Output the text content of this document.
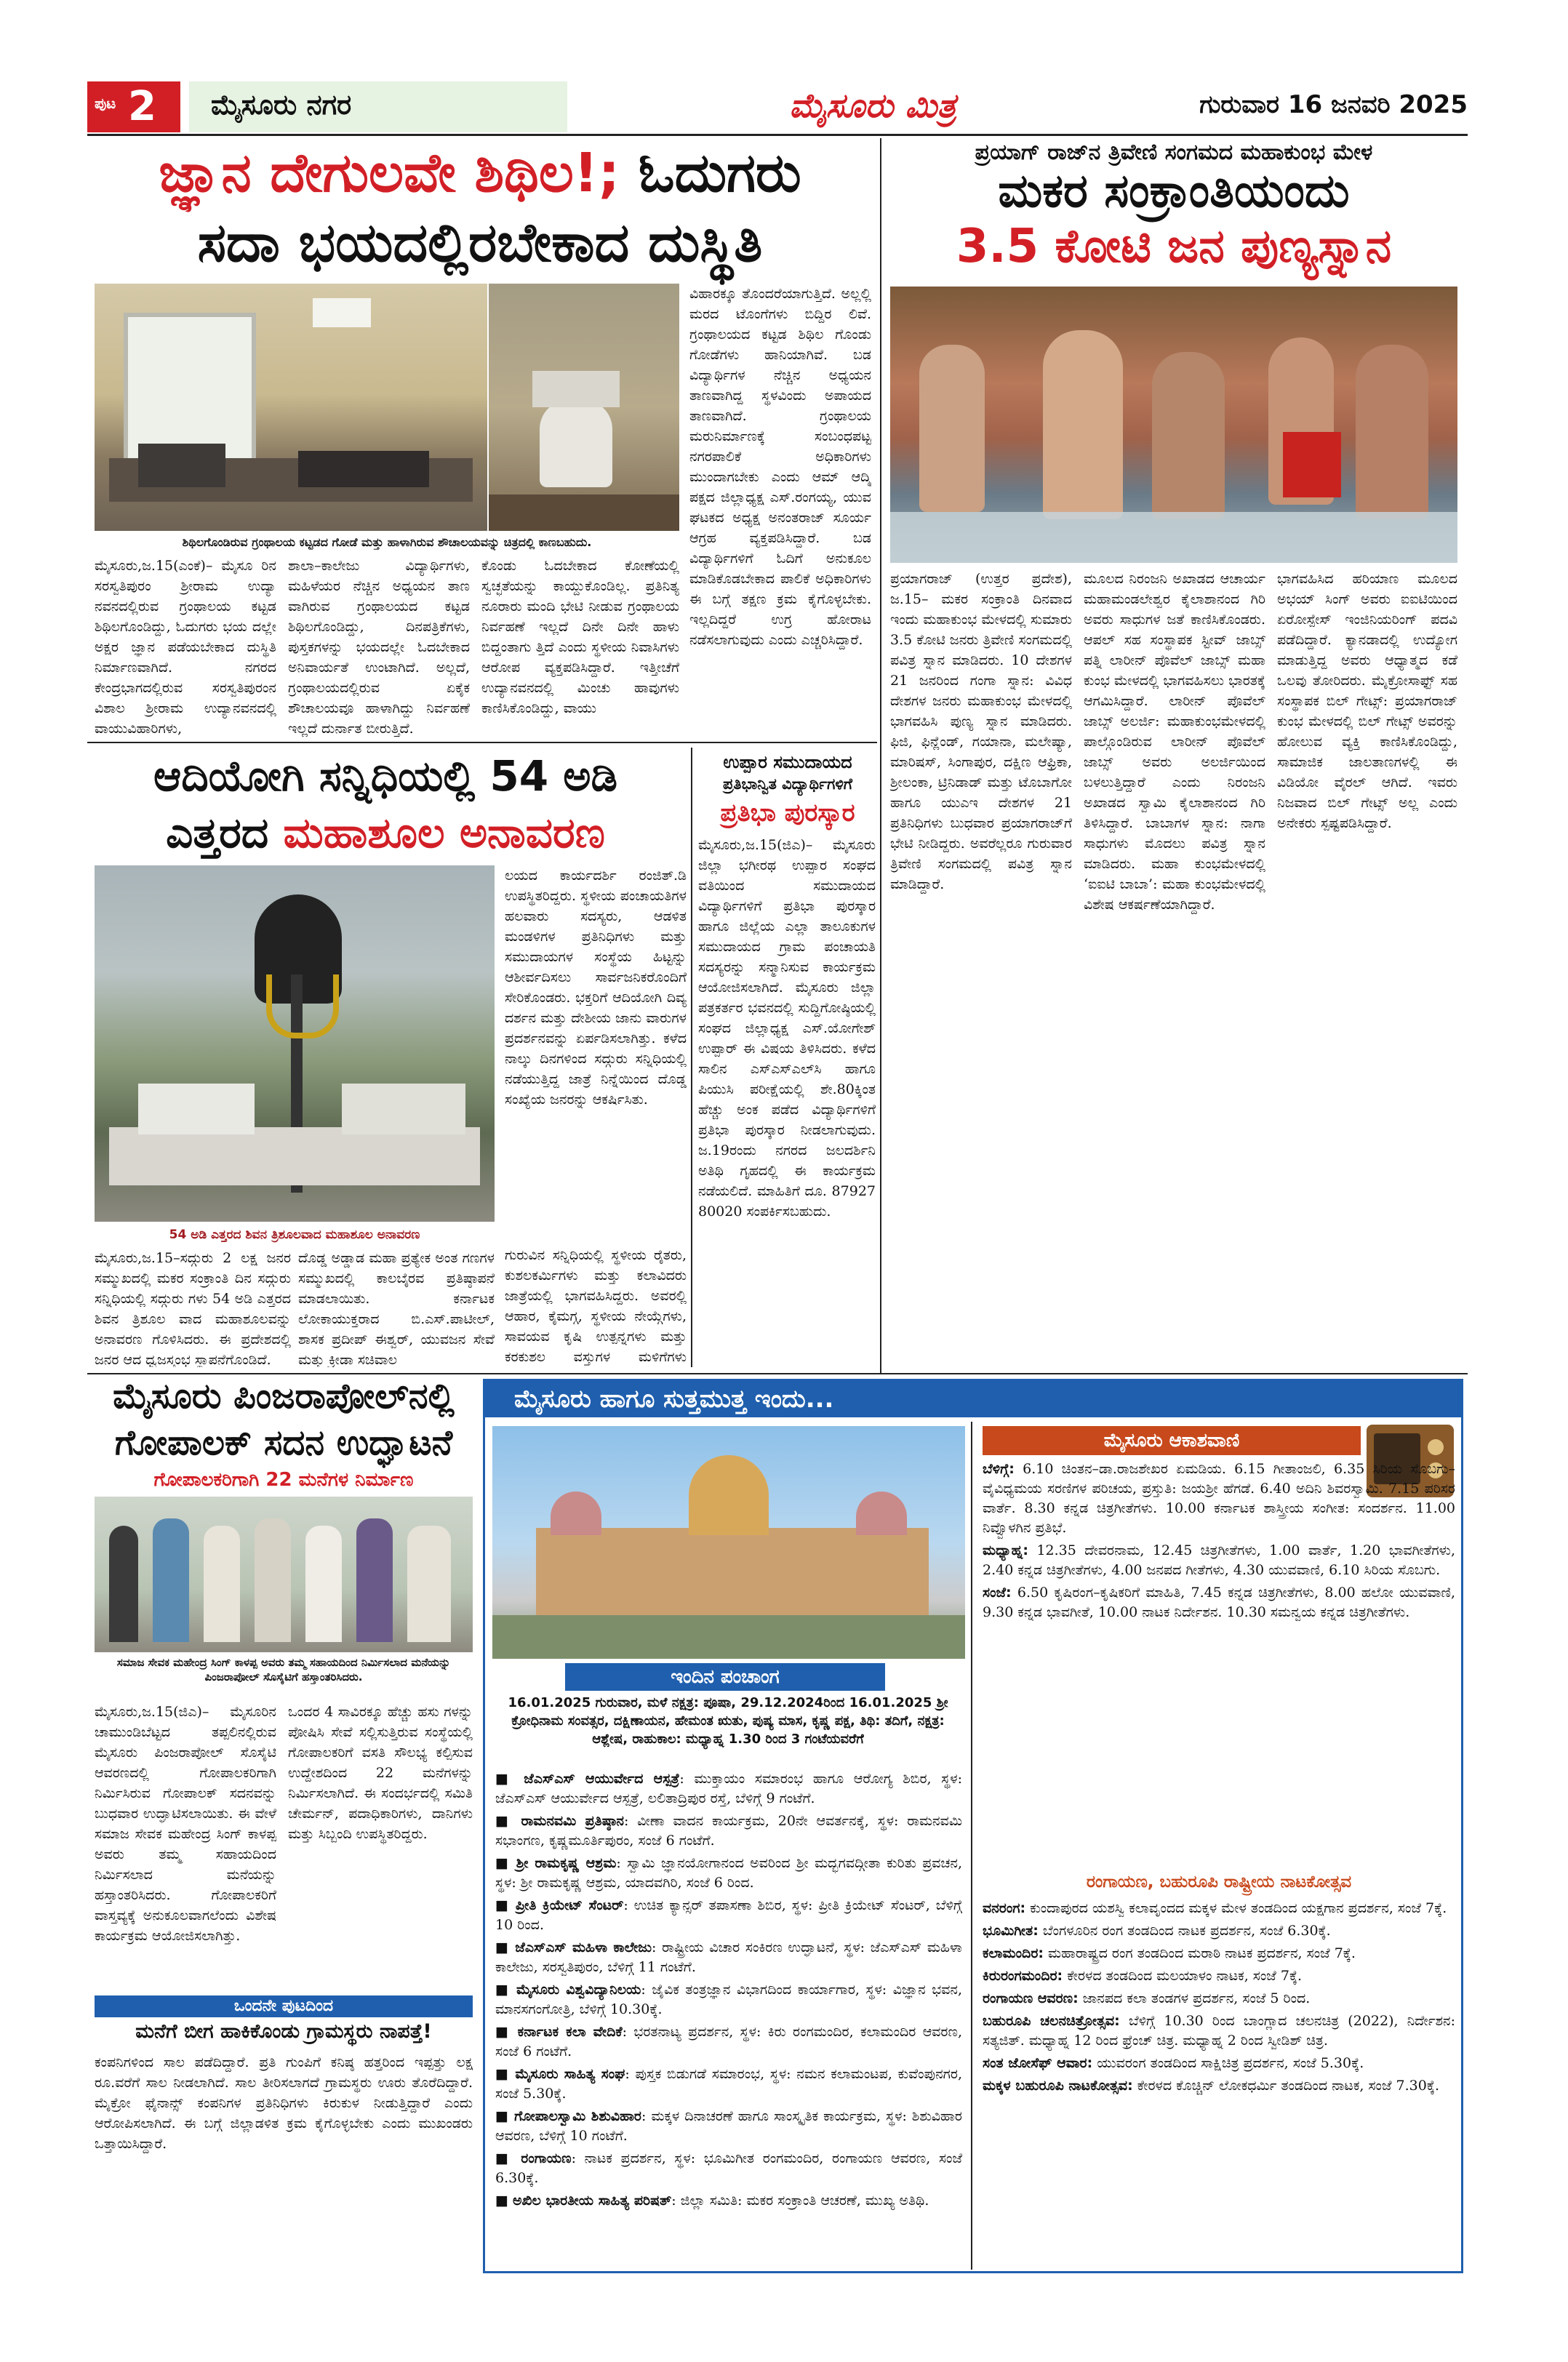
ಪುಟ 2 ಮೈಸೂರು ನಗರ	ಮೈಸೂರು ಮಿತ್ರ	ಗುರುವಾರ 16 ಜನವರಿ 2025
ಜ್ಞಾನ ದೇಗುಲವೇ ಶಿಥಿಲ!; ಓದುಗರು
ಸದಾ ಭಯದಲ್ಲಿರಬೇಕಾದ ದುಸ್ಥಿತಿ
ಶಿಥಿಲಗೊಂಡಿರುವ ಗ್ರಂಥಾಲಯ ಕಟ್ಟಡದ ಗೋಡೆ ಮತ್ತು ಹಾಳಾಗಿರುವ ಶೌಚಾಲಯವನ್ನು ಚಿತ್ರದಲ್ಲಿ ಕಾಣಬಹುದು.
ಮೈಸೂರು,ಜ.15(ಎಂಕೆ)– ಮೈಸೂ ರಿನ ಸರಸ್ವತಿಪುರಂ ಶ್ರೀರಾಮ ಉದ್ಯಾ ನವನದಲ್ಲಿರುವ ಗ್ರಂಥಾಲಯ ಕಟ್ಟಡ ಶಿಥಿಲಗೊಂಡಿದ್ದು, ಓದುಗರು ಭಯ ದಲ್ಲೇ ಅಕ್ಷರ ಜ್ಞಾನ ಪಡೆಯಬೇಕಾದ ದುಸ್ಥಿತಿ ನಿರ್ಮಾಣವಾಗಿದೆ. ನಗರದ ಕೇಂದ್ರಭಾಗದಲ್ಲಿರುವ ಸರಸ್ವತಿಪುರಂನ ವಿಶಾಲ ಶ್ರೀರಾಮ ಉದ್ಯಾನವನದಲ್ಲಿ ವಾಯುವಿಹಾರಿಗಳು,
ಶಾಲಾ–ಕಾಲೇಜು ವಿದ್ಯಾರ್ಥಿಗಳು, ಮಹಿಳೆಯರ ನೆಚ್ಚಿನ ಅಧ್ಯಯನ ತಾಣ ವಾಗಿರುವ ಗ್ರಂಥಾಲಯದ ಕಟ್ಟಡ ಶಿಥಿಲಗೊಂಡಿದ್ದು, ದಿನಪತ್ರಿಕೆಗಳು, ಪುಸ್ತಕಗಳನ್ನು ಭಯದಲ್ಲೇ ಓದಬೇಕಾದ ಅನಿವಾರ್ಯತೆ ಉಂಟಾಗಿದೆ. ಅಲ್ಲದೆ, ಗ್ರಂಥಾಲಯದಲ್ಲಿರುವ ಏಕೈಕ ಶೌಚಾಲಯವೂ ಹಾಳಾಗಿದ್ದು ನಿರ್ವಹಣೆ ಇಲ್ಲದೆ ದುರ್ನಾತ ಬೀರುತ್ತಿದೆ.
ಕೊಂಡು ಓದಬೇಕಾದ ಕೋಣೆಯಲ್ಲಿ ಸ್ವಚ್ಛತೆಯನ್ನು ಕಾಯ್ದುಕೊಂಡಿಲ್ಲ. ಪ್ರತಿನಿತ್ಯ ನೂರಾರು ಮಂದಿ ಭೇಟಿ ನೀಡುವ ಗ್ರಂಥಾಲಯ ನಿರ್ವಹಣೆ ಇಲ್ಲದೆ ದಿನೇ ದಿನೇ ಹಾಳು ಬಿದ್ದಂತಾಗು ತ್ತಿದೆ ಎಂದು ಸ್ಥಳೀಯ ನಿವಾಸಿಗಳು ಆರೋಪ ವ್ಯಕ್ತಪಡಿಸಿದ್ದಾರೆ. ಇತ್ತೀಚೆಗೆ ಉದ್ಯಾನವನದಲ್ಲಿ ಮಿಂಚು ಹಾವುಗಳು ಕಾಣಿಸಿಕೊಂಡಿದ್ದು, ವಾಯು
ವಿಹಾರಕ್ಕೂ ತೊಂದರೆಯಾಗುತ್ತಿದೆ. ಅಲ್ಲಲ್ಲಿ ಮರದ ಟೊಂಗೆಗಳು ಬಿದ್ದಿರ ಲಿವೆ. ಗ್ರಂಥಾಲಯದ ಕಟ್ಟಡ ಶಿಥಿಲ ಗೊಂಡು ಗೋಡೆಗಳು ಹಾನಿಯಾಗಿವೆ. ಬಡ ವಿದ್ಯಾರ್ಥಿಗಳ ನೆಚ್ಚಿನ ಅಧ್ಯಯನ ತಾಣವಾಗಿದ್ದ ಸ್ಥಳವಿಂದು ಅಪಾಯದ ತಾಣವಾಗಿದೆ. ಗ್ರಂಥಾಲಯ ಮರುನಿರ್ಮಾಣಕ್ಕೆ ಸಂಬಂಧಪಟ್ಟ ನಗರಪಾಲಿಕೆ ಅಧಿಕಾರಿಗಳು ಮುಂದಾಗಬೇಕು ಎಂದು ಆಮ್ ಆದ್ಮಿ ಪಕ್ಷದ ಜಿಲ್ಲಾಧ್ಯಕ್ಷ ಎಸ್.ರಂಗಯ್ಯ, ಯುವ ಘಟಕದ ಅಧ್ಯಕ್ಷ ಅನಂತರಾಜ್ ಸೂರ್ಯ ಆಗ್ರಹ ವ್ಯಕ್ತಪಡಿಸಿದ್ದಾರೆ. ಬಡ ವಿದ್ಯಾರ್ಥಿಗಳಿಗೆ ಓದಿಗೆ ಅನುಕೂಲ ಮಾಡಿಕೊಡಬೇಕಾದ ಪಾಲಿಕೆ ಅಧಿಕಾರಿಗಳು ಈ ಬಗ್ಗೆ ತಕ್ಷಣ ಕ್ರಮ ಕೈಗೊಳ್ಳಬೇಕು. ಇಲ್ಲದಿದ್ದರೆ ಉಗ್ರ ಹೋರಾಟ ನಡೆಸಲಾಗುವುದು ಎಂದು ಎಚ್ಚರಿಸಿದ್ದಾರೆ.
ಪ್ರಯಾಗ್ ರಾಜ್‌ನ ತ್ರಿವೇಣಿ ಸಂಗಮದ ಮಹಾಕುಂಭ ಮೇಳ
ಮಕರ ಸಂಕ್ರಾಂತಿಯಂದು
3.5 ಕೋಟಿ ಜನ ಪುಣ್ಯಸ್ನಾನ
ಪ್ರಯಾಗರಾಜ್ (ಉತ್ತರ ಪ್ರದೇಶ), ಜ.15– ಮಕರ ಸಂಕ್ರಾಂತಿ ದಿನವಾದ ಇಂದು ಮಹಾಕುಂಭ ಮೇಳದಲ್ಲಿ ಸುಮಾರು 3.5 ಕೋಟಿ ಜನರು ತ್ರಿವೇಣಿ ಸಂಗಮದಲ್ಲಿ ಪವಿತ್ರ ಸ್ನಾನ ಮಾಡಿದರು. 10 ದೇಶಗಳ 21 ಜನರಿಂದ ಗಂಗಾ ಸ್ನಾನ: ವಿವಿಧ ದೇಶಗಳ ಜನರು ಮಹಾಕುಂಭ ಮೇಳದಲ್ಲಿ ಭಾಗವಹಿಸಿ ಪುಣ್ಯ ಸ್ನಾನ ಮಾಡಿದರು. ಫಿಜಿ, ಫಿನ್ಲೆಂಡ್, ಗಯಾನಾ, ಮಲೇಷ್ಯಾ, ಮಾರಿಷಸ್, ಸಿಂಗಾಪುರ, ದಕ್ಷಿಣ ಆಫ್ರಿಕಾ, ಶ್ರೀಲಂಕಾ, ಟ್ರಿನಿಡಾಡ್ ಮತ್ತು ಟೊಬಾಗೋ ಹಾಗೂ ಯುಎಇ ದೇಶಗಳ 21 ಪ್ರತಿನಿಧಿಗಳು ಬುಧವಾರ ಪ್ರಯಾಗರಾಜ್‌ಗೆ ಭೇಟಿ ನೀಡಿದ್ದರು. ಅವರೆಲ್ಲರೂ ಗುರುವಾರ ತ್ರಿವೇಣಿ ಸಂಗಮದಲ್ಲಿ ಪವಿತ್ರ ಸ್ನಾನ ಮಾಡಿದ್ದಾರೆ.
ಮೂಲದ ನಿರಂಜನಿ ಅಖಾಡದ ಆಚಾರ್ಯ ಮಹಾಮಂಡಲೇಶ್ವರ ಕೈಲಾಶಾನಂದ ಗಿರಿ ಅವರು ಸಾಧುಗಳ ಜತೆ ಕಾಣಿಸಿಕೊಂಡರು. ಆಪಲ್ ಸಹ ಸಂಸ್ಥಾಪಕ ಸ್ಟೀವ್ ಜಾಬ್ಸ್ ಪತ್ನಿ ಲಾರೀನ್ ಪೊವೆಲ್ ಜಾಬ್ಸ್ ಮಹಾ ಕುಂಭ ಮೇಳದಲ್ಲಿ ಭಾಗವಹಿಸಲು ಭಾರತಕ್ಕೆ ಆಗಮಿಸಿದ್ದಾರೆ. ಲಾರೀನ್ ಪೊವೆಲ್ ಜಾಬ್ಸ್ ಅಲರ್ಜಿ: ಮಹಾಕುಂಭಮೇಳದಲ್ಲಿ ಪಾಲ್ಗೊಂಡಿರುವ ಲಾರೀನ್ ಪೊವೆಲ್ ಜಾಬ್ಸ್ ಅವರು ಅಲರ್ಜಿಯಿಂದ ಬಳಲುತ್ತಿದ್ದಾರೆ ಎಂದು ನಿರಂಜನಿ ಅಖಾಡದ ಸ್ವಾಮಿ ಕೈಲಾಶಾನಂದ ಗಿರಿ ತಿಳಿಸಿದ್ದಾರೆ. ಬಾಬಾಗಳ ಸ್ನಾನ: ನಾಗಾ ಸಾಧುಗಳು ಮೊದಲು ಪವಿತ್ರ ಸ್ನಾನ ಮಾಡಿದರು. ಮಹಾ ಕುಂಭಮೇಳದಲ್ಲಿ ‘ಐಐಟಿ ಬಾಬಾ’: ಮಹಾ ಕುಂಭಮೇಳದಲ್ಲಿ ವಿಶೇಷ ಆಕರ್ಷಣೆಯಾಗಿದ್ದಾರೆ.
ಭಾಗವಹಿಸಿದ ಹರಿಯಾಣ ಮೂಲದ ಅಭಯ್ ಸಿಂಗ್ ಅವರು ಐಐಟಿಯಿಂದ ಏರೋಸ್ಪೇಸ್ ಇಂಜಿನಿಯರಿಂಗ್ ಪದವಿ ಪಡೆದಿದ್ದಾರೆ. ಕ್ಯಾನಡಾದಲ್ಲಿ ಉದ್ಯೋಗ ಮಾಡುತ್ತಿದ್ದ ಅವರು ಆಧ್ಯಾತ್ಮದ ಕಡೆ ಒಲವು ತೋರಿದರು. ಮೈಕ್ರೋಸಾಫ್ಟ್ ಸಹ ಸಂಸ್ಥಾಪಕ ಬಿಲ್ ಗೇಟ್ಸ್: ಪ್ರಯಾಗರಾಜ್ ಕುಂಭ ಮೇಳದಲ್ಲಿ ಬಿಲ್ ಗೇಟ್ಸ್ ಅವರನ್ನು ಹೋಲುವ ವ್ಯಕ್ತಿ ಕಾಣಿಸಿಕೊಂಡಿದ್ದು, ಸಾಮಾಜಿಕ ಜಾಲತಾಣಗಳಲ್ಲಿ ಈ ವಿಡಿಯೋ ವೈರಲ್ ಆಗಿದೆ. ಇವರು ನಿಜವಾದ ಬಿಲ್ ಗೇಟ್ಸ್ ಅಲ್ಲ ಎಂದು ಅನೇಕರು ಸ್ಪಷ್ಟಪಡಿಸಿದ್ದಾರೆ.
ಆದಿಯೋಗಿ ಸನ್ನಿಧಿಯಲ್ಲಿ 54 ಅಡಿ
ಎತ್ತರದ ಮಹಾಶೂಲ ಅನಾವರಣ
54 ಅಡಿ ಎತ್ತರದ ಶಿವನ ತ್ರಿಶೂಲವಾದ ಮಹಾಶೂಲ ಅನಾವರಣ
ಲಯದ ಕಾರ್ಯದರ್ಶಿ ರಂಜಿತ್.ಡಿ ಉಪಸ್ಥಿತರಿದ್ದರು. ಸ್ಥಳೀಯ ಪಂಚಾಯತಿಗಳ ಹಲವಾರು ಸದಸ್ಯರು, ಆಡಳಿತ ಮಂಡಳಿಗಳ ಪ್ರತಿನಿಧಿಗಳು ಮತ್ತು ಸಮುದಾಯಗಳ ಸಂಸ್ಥೆಯ ಹಿಟ್ಟನ್ನು ಆಶೀರ್ವದಿಸಲು ಸಾರ್ವಜನಿಕರೊಂದಿಗೆ ಸೇರಿಕೊಂಡರು. ಭಕ್ತರಿಗೆ ಆದಿಯೋಗಿ ದಿವ್ಯ ದರ್ಶನ ಮತ್ತು ದೇಶೀಯ ಜಾನು ವಾರುಗಳ ಪ್ರದರ್ಶನವನ್ನು ಏರ್ಪಡಿಸಲಾಗಿತ್ತು. ಕಳೆದ ನಾಲ್ಕು ದಿನಗಳಿಂದ ಸದ್ಗುರು ಸನ್ನಿಧಿಯಲ್ಲಿ ನಡೆಯುತ್ತಿದ್ದ ಜಾತ್ರೆ ನಿನ್ನೆಯಿಂದ ದೊಡ್ಡ ಸಂಖ್ಯೆಯ ಜನರನ್ನು ಆಕರ್ಷಿಸಿತು.
ಗುರುವಿನ ಸನ್ನಿಧಿಯಲ್ಲಿ ಸ್ಥಳೀಯ ರೈತರು, ಕುಶಲಕರ್ಮಿಗಳು ಮತ್ತು ಕಲಾವಿದರು ಜಾತ್ರೆಯಲ್ಲಿ ಭಾಗವಹಿಸಿದ್ದರು. ಅವರಲ್ಲಿ ಆಹಾರ, ಕೈಮಗ್ಗ, ಸ್ಥಳೀಯ ನೇಯ್ಗೆಗಳು, ಸಾವಯವ ಕೃಷಿ ಉತ್ಪನ್ನಗಳು ಮತ್ತು ಕರಕುಶಲ ವಸ್ತುಗಳ ಮಳಿಗೆಗಳು
ಮೈಸೂರು,ಜ.15–ಸದ್ಗುರು 2 ಲಕ್ಷ ಜನರ ಸಮ್ಮುಖದಲ್ಲಿ ಮಕರ ಸಂಕ್ರಾಂತಿ ದಿನ ಸದ್ಗುರು ಸನ್ನಿಧಿಯಲ್ಲಿ ಸದ್ಗುರು ಗಳು 54 ಅಡಿ ಎತ್ತರದ ಶಿವನ ತ್ರಿಶೂಲ ವಾದ ಮಹಾಶೂಲವನ್ನು ಅನಾವರಣ ಗೊಳಿಸಿದರು. ಈ ಪ್ರದೇಶದಲ್ಲಿ ಜನರ ಆದ ಧ್ವಜಸ್ತಂಭ ಸ್ಥಾಪನೆಗೊಂಡಿದೆ.
ದೊಡ್ಡ ಅಡ್ಡಾಡ ಮಹಾ ಪ್ರತ್ಯೇಕ ಅಂತ ಗಣಗಳ ಸಮ್ಮುಖದಲ್ಲಿ ಕಾಲಬೈರವ ಪ್ರತಿಷ್ಠಾಪನೆ ಮಾಡಲಾಯಿತು. ಕರ್ನಾಟಕ ಲೋಕಾಯುಕ್ತರಾದ ಬಿ.ಎಸ್.ಪಾಟೀಲ್, ಶಾಸಕ ಪ್ರದೀಪ್ ಈಶ್ವರ್, ಯುವಜನ ಸೇವೆ ಮತ್ತು ಕ್ರೀಡಾ ಸಚಿವಾಲ
ಉಪ್ಪಾರ ಸಮುದಾಯದ
ಪ್ರತಿಭಾನ್ವಿತ ವಿದ್ಯಾರ್ಥಿಗಳಿಗೆ
ಪ್ರತಿಭಾ ಪುರಸ್ಕಾರ
ಮೈಸೂರು,ಜ.15(ಜಿಎ)– ಮೈಸೂರು ಜಿಲ್ಲಾ ಭಗೀರಥ ಉಪ್ಪಾರ ಸಂಘದ ವತಿಯಿಂದ ಸಮುದಾಯದ ವಿದ್ಯಾರ್ಥಿಗಳಿಗೆ ಪ್ರತಿಭಾ ಪುರಸ್ಕಾರ ಹಾಗೂ ಜಿಲ್ಲೆಯ ಎಲ್ಲಾ ತಾಲೂಕುಗಳ ಸಮುದಾಯದ ಗ್ರಾಮ ಪಂಚಾಯತಿ ಸದಸ್ಯರನ್ನು ಸನ್ಮಾನಿಸುವ ಕಾರ್ಯಕ್ರಮ ಆಯೋಜಿಸಲಾಗಿದೆ. ಮೈಸೂರು ಜಿಲ್ಲಾ ಪತ್ರಕರ್ತರ ಭವನದಲ್ಲಿ ಸುದ್ದಿಗೋಷ್ಠಿಯಲ್ಲಿ ಸಂಘದ ಜಿಲ್ಲಾಧ್ಯಕ್ಷ ಎಸ್.ಯೋಗೇಶ್ ಉಪ್ಪಾರ್ ಈ ವಿಷಯ ತಿಳಿಸಿದರು. ಕಳೆದ ಸಾಲಿನ ಎಸ್ಎಸ್ಎಲ್‌ಸಿ ಹಾಗೂ ಪಿಯುಸಿ ಪರೀಕ್ಷೆಯಲ್ಲಿ ಶೇ.80ಕ್ಕಿಂತ ಹೆಚ್ಚು ಅಂಕ ಪಡೆದ ವಿದ್ಯಾರ್ಥಿಗಳಿಗೆ ಪ್ರತಿಭಾ ಪುರಸ್ಕಾರ ನೀಡಲಾಗುವುದು. ಜ.19ರಂದು ನಗರದ ಜಲದರ್ಶಿನಿ ಅತಿಥಿ ಗೃಹದಲ್ಲಿ ಈ ಕಾರ್ಯಕ್ರಮ ನಡೆಯಲಿದೆ. ಮಾಹಿತಿಗೆ ದೂ. 87927 80020 ಸಂಪರ್ಕಿಸಬಹುದು.
ಮೈಸೂರು ಪಿಂಜರಾಪೋಲ್‌ನಲ್ಲಿ
ಗೋಪಾಲಕ್ ಸದನ ಉದ್ಘಾಟನೆ
ಗೋಪಾಲಕರಿಗಾಗಿ 22 ಮನೆಗಳ ನಿರ್ಮಾಣ
ಸಮಾಜ ಸೇವಕ ಮಹೇಂದ್ರ ಸಿಂಗ್ ಕಾಳಪ್ಪ ಅವರು ತಮ್ಮ ಸಹಾಯದಿಂದ ನಿರ್ಮಿಸಲಾದ ಮನೆಯನ್ನು ಪಿಂಜರಾಪೋಲ್ ಸೊಸೈಟಿಗೆ ಹಸ್ತಾಂತರಿಸಿದರು.
ಮೈಸೂರು,ಜ.15(ಜಿಎ)– ಮೈಸೂರಿನ ಚಾಮುಂಡಿಬೆಟ್ಟದ ತಪ್ಪಲಿನಲ್ಲಿರುವ ಮೈಸೂರು ಪಿಂಜರಾಪೋಲ್ ಸೊಸೈಟಿ ಆವರಣದಲ್ಲಿ ಗೋಪಾಲಕರಿಗಾಗಿ ನಿರ್ಮಿಸಿರುವ ಗೋಪಾಲಕ್ ಸದನವನ್ನು ಬುಧವಾರ ಉದ್ಘಾಟಿಸಲಾಯಿತು. ಈ ವೇಳೆ ಸಮಾಜ ಸೇವಕ ಮಹೇಂದ್ರ ಸಿಂಗ್ ಕಾಳಪ್ಪ ಅವರು ತಮ್ಮ ಸಹಾಯದಿಂದ ನಿರ್ಮಿಸಲಾದ ಮನೆಯನ್ನು ಹಸ್ತಾಂತರಿಸಿದರು. ಗೋಪಾಲಕರಿಗೆ ವಾಸ್ತವ್ಯಕ್ಕೆ ಅನುಕೂಲವಾಗಲೆಂದು ವಿಶೇಷ ಕಾರ್ಯಕ್ರಮ ಆಯೋಜಿಸಲಾಗಿತ್ತು.
ಒಂದರ 4 ಸಾವಿರಕ್ಕೂ ಹೆಚ್ಚು ಹಸು ಗಳನ್ನು ಪೋಷಿಸಿ ಸೇವೆ ಸಲ್ಲಿಸುತ್ತಿರುವ ಸಂಸ್ಥೆಯಲ್ಲಿ ಗೋಪಾಲಕರಿಗೆ ವಸತಿ ಸೌಲಭ್ಯ ಕಲ್ಪಿಸುವ ಉದ್ದೇಶದಿಂದ 22 ಮನೆಗಳನ್ನು ನಿರ್ಮಿಸಲಾಗಿದೆ. ಈ ಸಂದರ್ಭದಲ್ಲಿ ಸಮಿತಿ ಚೇರ್ಮನ್, ಪದಾಧಿಕಾರಿಗಳು, ದಾನಿಗಳು ಮತ್ತು ಸಿಬ್ಬಂದಿ ಉಪಸ್ಥಿತರಿದ್ದರು.
ಒಂದನೇ ಪುಟದಿಂದ
ಮನೆಗೆ ಬೀಗ ಹಾಕಿಕೊಂಡು ಗ್ರಾಮಸ್ಥರು ನಾಪತ್ತೆ!
ಕಂಪನಿಗಳಿಂದ ಸಾಲ ಪಡೆದಿದ್ದಾರೆ. ಪ್ರತಿ ಗುಂಪಿಗೆ ಕನಿಷ್ಠ ಹತ್ತರಿಂದ ಇಪ್ಪತ್ತು ಲಕ್ಷ ರೂ.ವರೆಗೆ ಸಾಲ ನೀಡಲಾಗಿದೆ. ಸಾಲ ತೀರಿಸಲಾಗದೆ ಗ್ರಾಮಸ್ಥರು ಊರು ತೊರೆದಿದ್ದಾರೆ. ಮೈಕ್ರೋ ಫೈನಾನ್ಸ್ ಕಂಪನಿಗಳ ಪ್ರತಿನಿಧಿಗಳು ಕಿರುಕುಳ ನೀಡುತ್ತಿದ್ದಾರೆ ಎಂದು ಆರೋಪಿಸಲಾಗಿದೆ. ಈ ಬಗ್ಗೆ ಜಿಲ್ಲಾಡಳಿತ ಕ್ರಮ ಕೈಗೊಳ್ಳಬೇಕು ಎಂದು ಮುಖಂಡರು ಒತ್ತಾಯಿಸಿದ್ದಾರೆ.
ಮೈಸೂರು ಹಾಗೂ ಸುತ್ತಮುತ್ತ ಇಂದು...
ಇಂದಿನ ಪಂಚಾಂಗ
16.01.2025 ಗುರುವಾರ, ಮಳೆ ನಕ್ಷತ್ರ: ಪೂಷಾ, 29.12.2024ರಿಂದ 16.01.2025 ಶ್ರೀ ಕ್ರೋಧಿನಾಮ ಸಂವತ್ಸರ, ದಕ್ಷಿಣಾಯನ, ಹೇಮಂತ ಋತು, ಪುಷ್ಯ ಮಾಸ, ಕೃಷ್ಣ ಪಕ್ಷ, ತಿಥಿ: ತದಿಗೆ, ನಕ್ಷತ್ರ: ಆಶ್ಲೇಷ, ರಾಹುಕಾಲ: ಮಧ್ಯಾಹ್ನ 1.30 ರಿಂದ 3 ಗಂಟೆಯವರೆಗೆ
■ ಜೆಎಸ್ಎಸ್ ಆಯುರ್ವೇದ ಆಸ್ಪತ್ರೆ: ಮುಕ್ತಾಯಂ ಸಮಾರಂಭ ಹಾಗೂ ಆರೋಗ್ಯ ಶಿಬಿರ, ಸ್ಥಳ: ಜೆಎಸ್ಎಸ್ ಆಯುರ್ವೇದ ಆಸ್ಪತ್ರೆ, ಲಲಿತಾದ್ರಿಪುರ ರಸ್ತೆ, ಬೆಳಿಗ್ಗೆ 9 ಗಂಟೆಗೆ.
■ ರಾಮನವಮಿ ಪ್ರತಿಷ್ಠಾನ: ವೀಣಾ ವಾದನ ಕಾರ್ಯಕ್ರಮ, 20ನೇ ಆವರ್ತನಕ್ಕೆ, ಸ್ಥಳ: ರಾಮನವಮಿ ಸಭಾಂಗಣ, ಕೃಷ್ಣಮೂರ್ತಿಪುರಂ, ಸಂಜೆ 6 ಗಂಟೆಗೆ.
■ ಶ್ರೀ ರಾಮಕೃಷ್ಣ ಆಶ್ರಮ: ಸ್ವಾಮಿ ಜ್ಞಾನಯೋಗಾನಂದ ಅವರಿಂದ ಶ್ರೀ ಮದ್ಭಗವದ್ಗೀತಾ ಕುರಿತು ಪ್ರವಚನ, ಸ್ಥಳ: ಶ್ರೀ ರಾಮಕೃಷ್ಣ ಆಶ್ರಮ, ಯಾದವಗಿರಿ, ಸಂಜೆ 6 ರಿಂದ.
■ ಪ್ರೀತಿ ಕ್ರಿಯೇಟ್ ಸೆಂಟರ್: ಉಚಿತ ಕ್ಯಾನ್ಸರ್ ತಪಾಸಣಾ ಶಿಬಿರ, ಸ್ಥಳ: ಪ್ರೀತಿ ಕ್ರಿಯೇಟ್ ಸೆಂಟರ್, ಬೆಳಿಗ್ಗೆ 10 ರಿಂದ.
■ ಜೆಎಸ್ಎಸ್ ಮಹಿಳಾ ಕಾಲೇಜು: ರಾಷ್ಟ್ರೀಯ ವಿಚಾರ ಸಂಕಿರಣ ಉದ್ಘಾಟನೆ, ಸ್ಥಳ: ಜೆಎಸ್ಎಸ್ ಮಹಿಳಾ ಕಾಲೇಜು, ಸರಸ್ವತಿಪುರಂ, ಬೆಳಿಗ್ಗೆ 11 ಗಂಟೆಗೆ.
■ ಮೈಸೂರು ವಿಶ್ವವಿದ್ಯಾನಿಲಯ: ಜೈವಿಕ ತಂತ್ರಜ್ಞಾನ ವಿಭಾಗದಿಂದ ಕಾರ್ಯಾಗಾರ, ಸ್ಥಳ: ವಿಜ್ಞಾನ ಭವನ, ಮಾನಸಗಂಗೋತ್ರಿ, ಬೆಳಿಗ್ಗೆ 10.30ಕ್ಕೆ.
■ ಕರ್ನಾಟಕ ಕಲಾ ವೇದಿಕೆ: ಭರತನಾಟ್ಯ ಪ್ರದರ್ಶನ, ಸ್ಥಳ: ಕಿರು ರಂಗಮಂದಿರ, ಕಲಾಮಂದಿರ ಆವರಣ, ಸಂಜೆ 6 ಗಂಟೆಗೆ.
■ ಮೈಸೂರು ಸಾಹಿತ್ಯ ಸಂಘ: ಪುಸ್ತಕ ಬಿಡುಗಡೆ ಸಮಾರಂಭ, ಸ್ಥಳ: ನಮನ ಕಲಾಮಂಟಪ, ಕುವೆಂಪುನಗರ, ಸಂಜೆ 5.30ಕ್ಕೆ.
■ ಗೋಪಾಲಸ್ವಾಮಿ ಶಿಶುವಿಹಾರ: ಮಕ್ಕಳ ದಿನಾಚರಣೆ ಹಾಗೂ ಸಾಂಸ್ಕೃತಿಕ ಕಾರ್ಯಕ್ರಮ, ಸ್ಥಳ: ಶಿಶುವಿಹಾರ ಆವರಣ, ಬೆಳಿಗ್ಗೆ 10 ಗಂಟೆಗೆ.
■ ರಂಗಾಯಣ: ನಾಟಕ ಪ್ರದರ್ಶನ, ಸ್ಥಳ: ಭೂಮಿಗೀತ ರಂಗಮಂದಿರ, ರಂಗಾಯಣ ಆವರಣ, ಸಂಜೆ 6.30ಕ್ಕೆ.
■ ಅಖಿಲ ಭಾರತೀಯ ಸಾಹಿತ್ಯ ಪರಿಷತ್: ಜಿಲ್ಲಾ ಸಮಿತಿ: ಮಕರ ಸಂಕ್ರಾಂತಿ ಆಚರಣೆ, ಮುಖ್ಯ ಅತಿಥಿ.
ಮೈಸೂರು ಆಕಾಶವಾಣಿ
ಬೆಳಿಗ್ಗೆ: 6.10 ಚಿಂತನ–ಡಾ.ರಾಜಶೇಖರ ಏಮಡಿಯ. 6.15 ಗೀತಾಂಜಲಿ, 6.35 ಸಿರಿಯ ಸೊಬಗು–ವೈವಿಧ್ಯಮಯ ಸರಣಿಗಳ ಪರಿಚಯ, ಪ್ರಸ್ತುತಿ: ಜಯಶ್ರೀ ಹೆಗಡೆ. 6.40 ಅದಿನಿ ಶಿವರಸ್ವಾಮಿ. 7.15 ಪರಿಸರ ವಾರ್ತೆ. 8.30 ಕನ್ನಡ ಚಿತ್ರಗೀತೆಗಳು. 10.00 ಕರ್ನಾಟಕ ಶಾಸ್ತ್ರೀಯ ಸಂಗೀತ: ಸಂದರ್ಶನ. 11.00 ನಿವ್ವೊಳಗಿನ ಪ್ರತಿಭೆ.
ಮಧ್ಯಾಹ್ನ: 12.35 ದೇವರನಾಮ, 12.45 ಚಿತ್ರಗೀತೆಗಳು, 1.00 ವಾರ್ತೆ, 1.20 ಭಾವಗೀತೆಗಳು, 2.40 ಕನ್ನಡ ಚಿತ್ರಗೀತೆಗಳು, 4.00 ಜನಪದ ಗೀತೆಗಳು, 4.30 ಯುವವಾಣಿ, 6.10 ಸಿರಿಯ ಸೊಬಗು.
ಸಂಜೆ: 6.50 ಕೃಷಿರಂಗ–ಕೃಷಿಕರಿಗೆ ಮಾಹಿತಿ, 7.45 ಕನ್ನಡ ಚಿತ್ರಗೀತೆಗಳು, 8.00 ಹಲೋ ಯುವವಾಣಿ, 9.30 ಕನ್ನಡ ಭಾವಗೀತೆ, 10.00 ನಾಟಕ ನಿರ್ದೇಶನ. 10.30 ಸಮನ್ವಯ ಕನ್ನಡ ಚಿತ್ರಗೀತೆಗಳು.
ರಂಗಾಯಣ, ಬಹುರೂಪಿ ರಾಷ್ಟ್ರೀಯ ನಾಟಕೋತ್ಸವ
ವನರಂಗ: ಕುಂದಾಪುರದ ಯಶಸ್ವಿ ಕಲಾವೃಂದದ ಮಕ್ಕಳ ಮೇಳ ತಂಡದಿಂದ ಯಕ್ಷಗಾನ ಪ್ರದರ್ಶನ, ಸಂಜೆ 7ಕ್ಕೆ.
ಭೂಮಿಗೀತ: ಬೆಂಗಳೂರಿನ ರಂಗ ತಂಡದಿಂದ ನಾಟಕ ಪ್ರದರ್ಶನ, ಸಂಜೆ 6.30ಕ್ಕೆ.
ಕಲಾಮಂದಿರ: ಮಹಾರಾಷ್ಟ್ರದ ರಂಗ ತಂಡದಿಂದ ಮರಾಠಿ ನಾಟಕ ಪ್ರದರ್ಶನ, ಸಂಜೆ 7ಕ್ಕೆ.
ಕಿರುರಂಗಮಂದಿರ: ಕೇರಳದ ತಂಡದಿಂದ ಮಲಯಾಳಂ ನಾಟಕ, ಸಂಜೆ 7ಕ್ಕೆ.
ರಂಗಾಯಣ ಆವರಣ: ಜಾನಪದ ಕಲಾ ತಂಡಗಳ ಪ್ರದರ್ಶನ, ಸಂಜೆ 5 ರಿಂದ.
ಬಹುರೂಪಿ ಚಲನಚಿತ್ರೋತ್ಸವ: ಬೆಳಿಗ್ಗೆ 10.30 ರಿಂದ ಬಾಂಗ್ಲಾದ ಚಲನಚಿತ್ರ (2022), ನಿರ್ದೇಶನ: ಸತ್ಯಜಿತ್. ಮಧ್ಯಾಹ್ನ 12 ರಿಂದ ಫ್ರೆಂಚ್ ಚಿತ್ರ. ಮಧ್ಯಾಹ್ನ 2 ರಿಂದ ಸ್ವೀಡಿಶ್ ಚಿತ್ರ.
ಸಂತ ಜೋಸೆಫ್ ಆವಾರ: ಯುವರಂಗ ತಂಡದಿಂದ ಸಾಕ್ಷಿಚಿತ್ರ ಪ್ರದರ್ಶನ, ಸಂಜೆ 5.30ಕ್ಕೆ.
ಮಕ್ಕಳ ಬಹುರೂಪಿ ನಾಟಕೋತ್ಸವ: ಕೇರಳದ ಕೊಚ್ಚಿನ್ ಲೋಕಧರ್ಮಿ ತಂಡದಿಂದ ನಾಟಕ, ಸಂಜೆ 7.30ಕ್ಕೆ.
